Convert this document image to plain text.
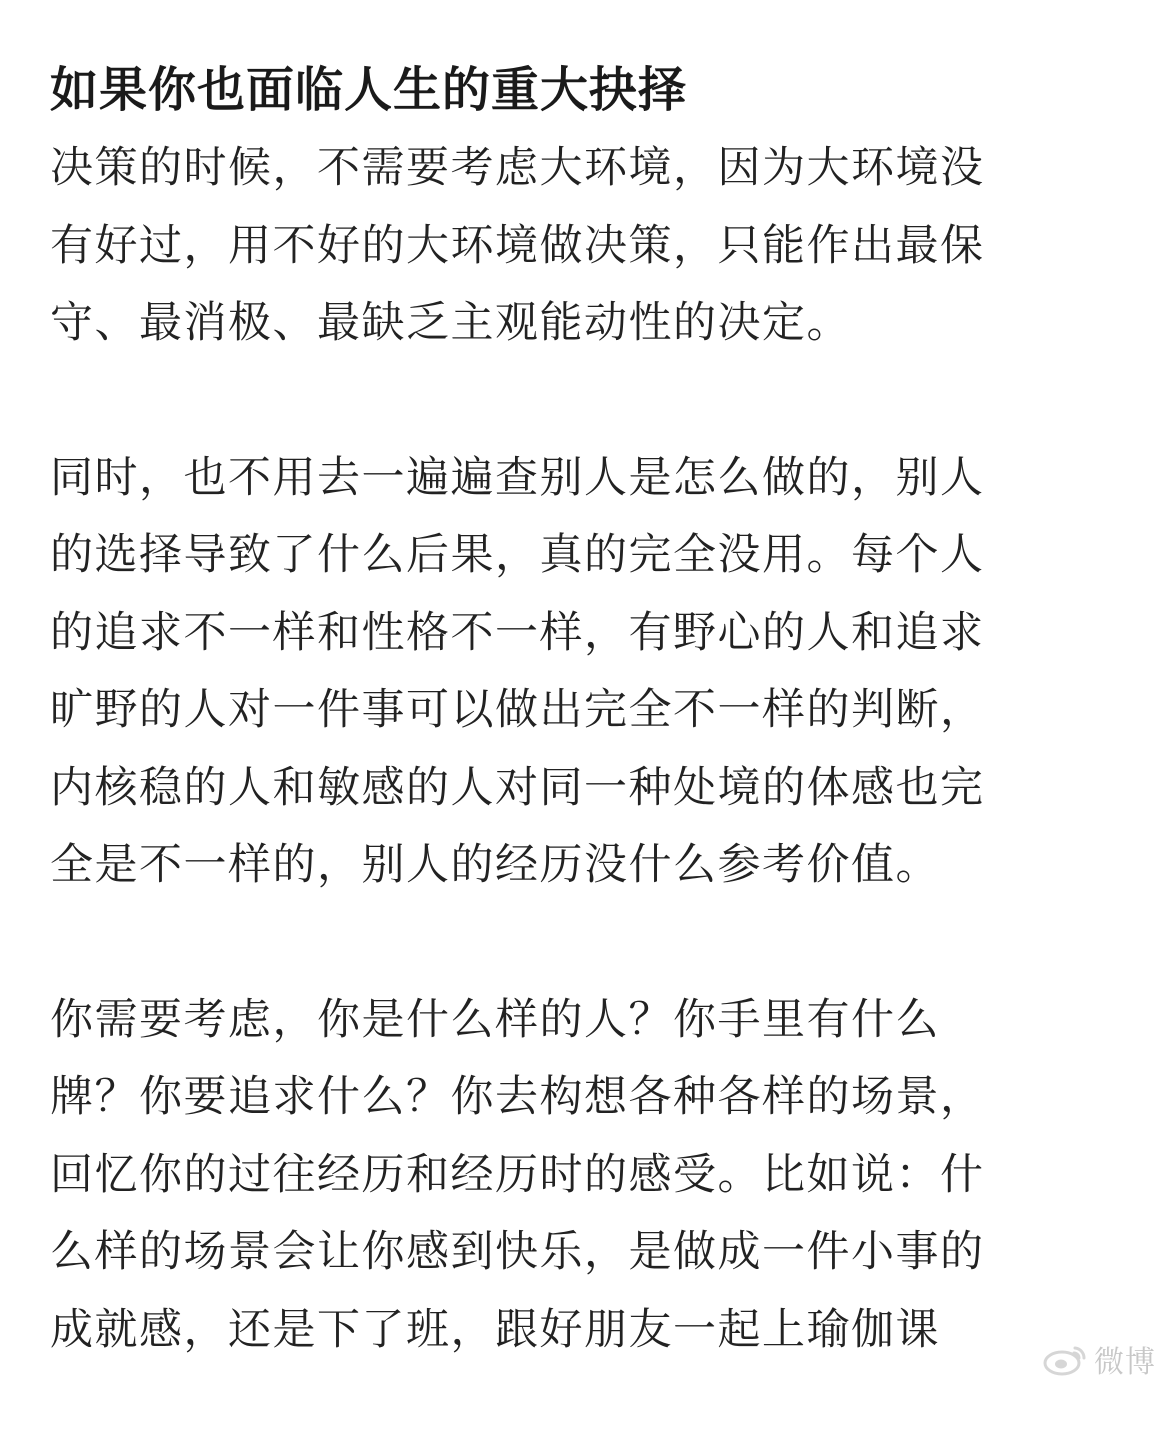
如果你也面临人生的重大抉择

决策的时候，不需要考虑大环境，因为大环境没
有好过，用不好的大环境做决策，只能作出最保
守、最消极、最缺乏主观能动性的决定。

同时，也不用去一遍遍查别人是怎么做的，别人
的选择导致了什么后果，真的完全没用。每个人
的追求不一样和性格不一样，有野心的人和追求
旷野的人对一件事可以做出完全不一样的判断，
内核稳的人和敏感的人对同一种处境的体感也完
全是不一样的，别人的经历没什么参考价值。

你需要考虑，你是什么样的人？你手里有什么
牌？你要追求什么？你去构想各种各样的场景，
回忆你的过往经历和经历时的感受。比如说：什
么样的场景会让你感到快乐，是做成一件小事的
成就感，还是下了班，跟好朋友一起上瑜伽课

微博
